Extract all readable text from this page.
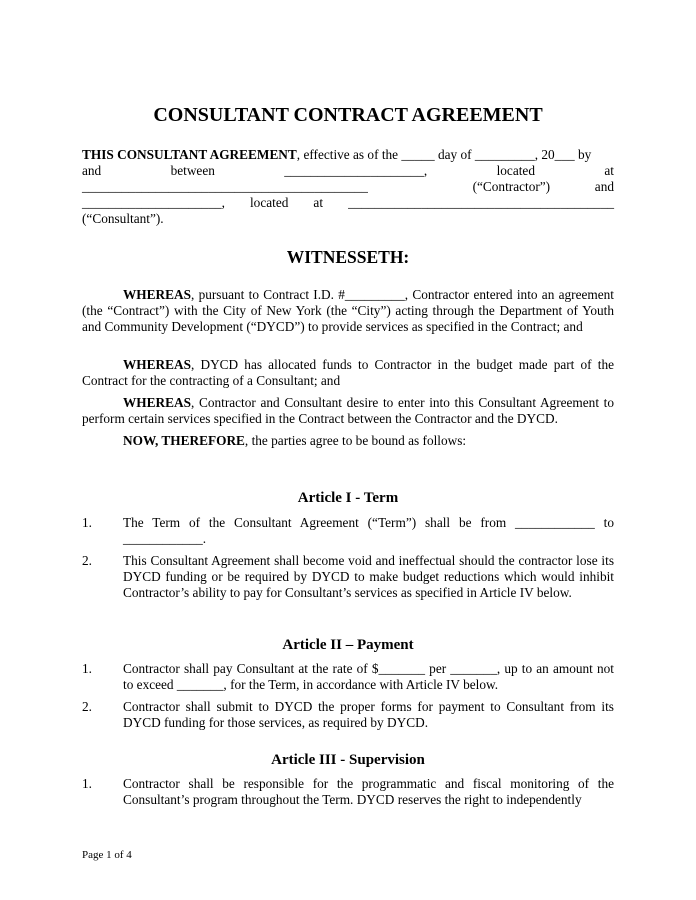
CONSULTANT CONTRACT AGREEMENT
THIS CONSULTANT AGREEMENT, effective as of the _____ day of _________, 20___ by
and	between	_____________________,	located	at
___________________________________________	(“Contractor”)	and
_____________________, located at ________________________________________
(“Consultant”).
WITNESSETH:

WHEREAS, pursuant to Contract I.D. #_________, Contractor entered into an agreement (the “Contract”) with the City of New York (the “City”) acting through the Department of Youth and Community Development (“DYCD”) to provide services as specified in the Contract; and

WHEREAS, DYCD has allocated funds to Contractor in the budget made part of the Contract for the contracting of a Consultant; and

WHEREAS, Contractor and Consultant desire to enter into this Consultant Agreement to perform certain services specified in the Contract between the Contractor and the DYCD.

NOW, THEREFORE, the parties agree to be bound as follows:

Article I - Term
1. The Term of the Consultant Agreement (“Term”) shall be from ____________ to ____________.
2. This Consultant Agreement shall become void and ineffectual should the contractor lose its DYCD funding or be required by DYCD to make budget reductions which would inhibit Contractor’s ability to pay for Consultant’s services as specified in Article IV below.
Article II – Payment
1. Contractor shall pay Consultant at the rate of $_______ per _______, up to an amount not to exceed _______, for the Term, in accordance with Article IV below.
2. Contractor shall submit to DYCD the proper forms for payment to Consultant from its DYCD funding for those services, as required by DYCD.
Article III - Supervision
1. Contractor shall be responsible for the programmatic and fiscal monitoring of the Consultant’s program throughout the Term. DYCD reserves the right to independently
Page 1 of 4
